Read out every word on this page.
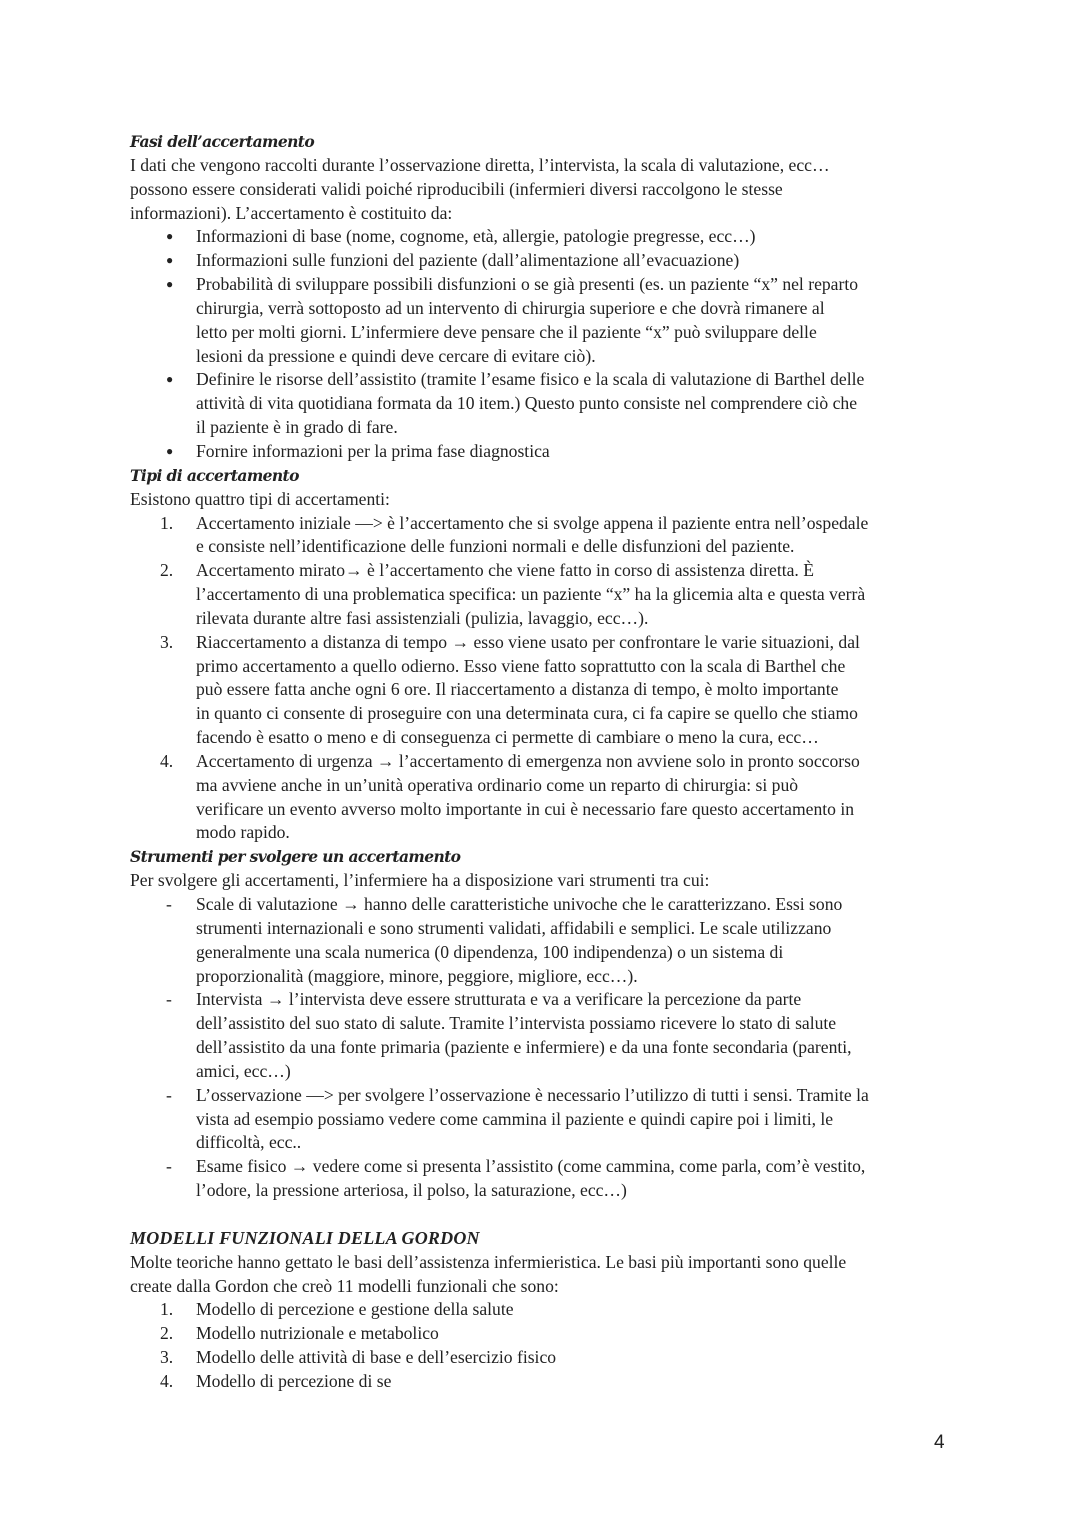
Fasi dell’accertamento
I dati che vengono raccolti durante l’osservazione diretta, l’intervista, la scala di valutazione, ecc…
possono essere considerati validi poiché riproducibili (infermieri diversi raccolgono le stesse
informazioni). L’accertamento è costituito da:
●	Informazioni di base (nome, cognome, età, allergie, patologie pregresse, ecc…)
●	Informazioni sulle funzioni del paziente (dall’alimentazione all’evacuazione)
●	Probabilità di sviluppare possibili disfunzioni o se già presenti (es. un paziente “x” nel reparto
chirurgia, verrà sottoposto ad un intervento di chirurgia superiore e che dovrà rimanere al
letto per molti giorni. L’infermiere deve pensare che il paziente “x” può sviluppare delle
lesioni da pressione e quindi deve cercare di evitare ciò).
●	Definire le risorse dell’assistito (tramite l’esame fisico e la scala di valutazione di Barthel delle
attività di vita quotidiana formata da 10 item.) Questo punto consiste nel comprendere ciò che
il paziente è in grado di fare.
●	Fornire informazioni per la prima fase diagnostica
Tipi di accertamento
Esistono quattro tipi di accertamenti:
1.	Accertamento iniziale —> è l’accertamento che si svolge appena il paziente entra nell’ospedale
e consiste nell’identificazione delle funzioni normali e delle disfunzioni del paziente.
2.	Accertamento mirato→ è l’accertamento che viene fatto in corso di assistenza diretta. È
l’accertamento di una problematica specifica: un paziente “x” ha la glicemia alta e questa verrà
rilevata durante altre fasi assistenziali (pulizia, lavaggio, ecc…).
3.	Riaccertamento a distanza di tempo → esso viene usato per confrontare le varie situazioni, dal
primo accertamento a quello odierno. Esso viene fatto soprattutto con la scala di Barthel che
può essere fatta anche ogni 6 ore. Il riaccertamento a distanza di tempo, è molto importante
in quanto ci consente di proseguire con una determinata cura, ci fa capire se quello che stiamo
facendo è esatto o meno e di conseguenza ci permette di cambiare o meno la cura, ecc…
4.	Accertamento di urgenza → l’accertamento di emergenza non avviene solo in pronto soccorso
ma avviene anche in un’unità operativa ordinario come un reparto di chirurgia: si può
verificare un evento avverso molto importante in cui è necessario fare questo accertamento in
modo rapido.
Strumenti per svolgere un accertamento
Per svolgere gli accertamenti, l’infermiere ha a disposizione vari strumenti tra cui:
-	Scale di valutazione → hanno delle caratteristiche univoche che le caratterizzano. Essi sono
strumenti internazionali e sono strumenti validati, affidabili e semplici. Le scale utilizzano
generalmente una scala numerica (0 dipendenza, 100 indipendenza) o un sistema di
proporzionalità (maggiore, minore, peggiore, migliore, ecc…).
-	Intervista → l’intervista deve essere strutturata e va a verificare la percezione da parte
dell’assistito del suo stato di salute. Tramite l’intervista possiamo ricevere lo stato di salute
dell’assistito da una fonte primaria (paziente e infermiere) e da una fonte secondaria (parenti,
amici, ecc…)
-	L’osservazione —> per svolgere l’osservazione è necessario l’utilizzo di tutti i sensi. Tramite la
vista ad esempio possiamo vedere come cammina il paziente e quindi capire poi i limiti, le
difficoltà, ecc..
-	Esame fisico → vedere come si presenta l’assistito (come cammina, come parla, com’è vestito,
l’odore, la pressione arteriosa, il polso, la saturazione, ecc…)
MODELLI FUNZIONALI DELLA GORDON
Molte teoriche hanno gettato le basi dell’assistenza infermieristica. Le basi più importanti sono quelle
create dalla Gordon che creò 11 modelli funzionali che sono:
1.	Modello di percezione e gestione della salute
2.	Modello nutrizionale e metabolico
3.	Modello delle attività di base e dell’esercizio fisico
4.	Modello di percezione di se
4
